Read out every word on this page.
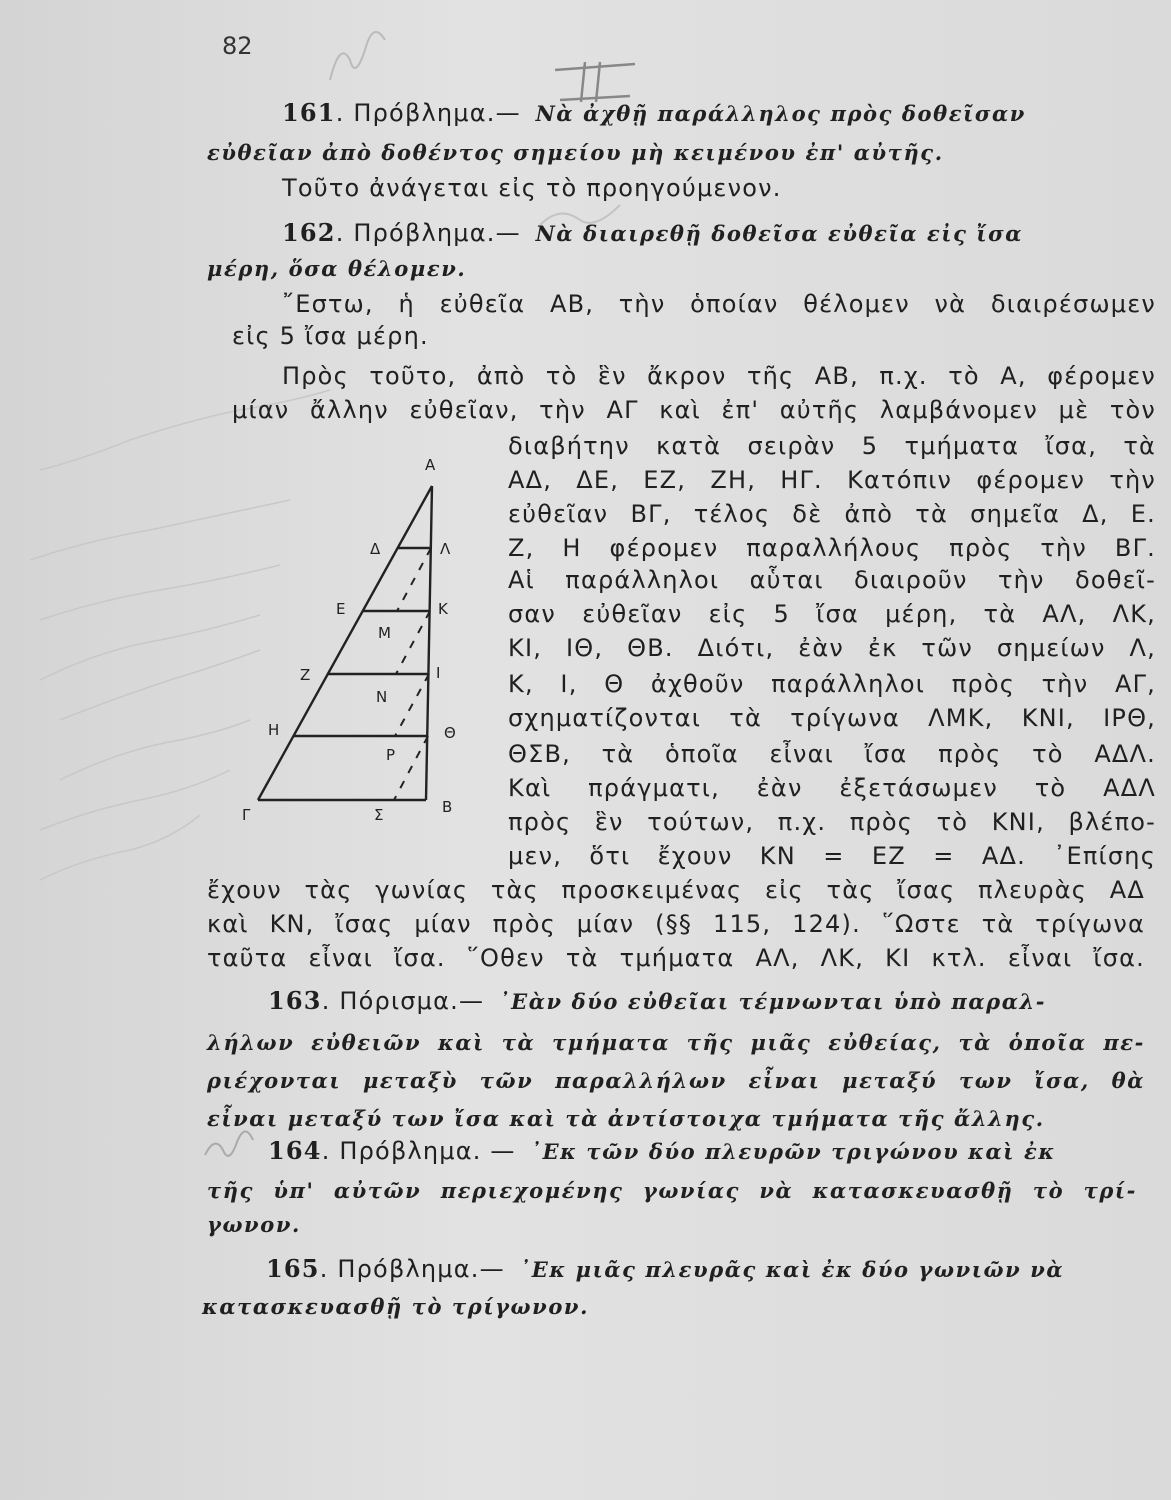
82
161. Πρόβλημα.— Νὰ ἀχθῇ παράλληλος πρὸς δοθεῖσαν
εὐθεῖαν ἀπὸ δοθέντος σημείου μὴ κειμένου ἐπ' αὐτῆς.
Τοῦτο ἀνάγεται εἰς τὸ προηγούμενον.
162. Πρόβλημα.— Νὰ διαιρεθῇ δοθεῖσα εὐθεῖα εἰς ἴσα
μέρη, ὅσα θέλομεν.
῎Εστω, ἡ εὐθεῖα ΑΒ, τὴν ὁποίαν θέλομεν νὰ διαιρέσωμεν
εἰς 5 ἴσα μέρη.
Πρὸς τοῦτο, ἀπὸ τὸ ἓν ἄκρον τῆς ΑΒ, π.χ. τὸ Α, φέρομεν
μίαν ἄλλην εὐθεῖαν, τὴν ΑΓ καὶ ἐπ' αὐτῆς λαμβάνομεν μὲ τὸν
διαβήτην κατὰ σειρὰν 5 τμήματα ἴσα, τὰ
ΑΔ, ΔΕ, ΕΖ, ΖΗ, ΗΓ. Κατόπιν φέρομεν τὴν
εὐθεῖαν ΒΓ, τέλος δὲ ἀπὸ τὰ σημεῖα Δ, Ε.
Ζ, Η φέρομεν παραλλήλους πρὸς τὴν ΒΓ.
Αἱ παράλληλοι αὗται διαιροῦν τὴν δοθεῖ-
σαν εὐθεῖαν εἰς 5 ἴσα μέρη, τὰ ΑΛ, ΛΚ,
ΚΙ, ΙΘ, ΘΒ. Διότι, ἐὰν ἐκ τῶν σημείων Λ,
Κ, Ι, Θ ἀχθοῦν παράλληλοι πρὸς τὴν ΑΓ,
σχηματίζονται τὰ τρίγωνα ΛΜΚ, ΚΝΙ, ΙΡΘ,
ΘΣΒ, τὰ ὁποῖα εἶναι ἴσα πρὸς τὸ ΑΔΛ.
Καὶ πράγματι, ἐὰν ἐξετάσωμεν τὸ ΑΔΛ
πρὸς ἓν τούτων, π.χ. πρὸς τὸ ΚΝΙ, βλέπο-
μεν, ὅτι ἔχουν ΚΝ = ΕΖ = ΑΔ. ᾿Επίσης
ἔχουν τὰς γωνίας τὰς προσκειμένας εἰς τὰς ἴσας πλευρὰς ΑΔ
καὶ ΚΝ, ἴσας μίαν πρὸς μίαν (§§ 115, 124). ῞Ωστε τὰ τρίγωνα
ταῦτα εἶναι ἴσα. ῞Οθεν τὰ τμήματα ΑΛ, ΛΚ, ΚΙ κτλ. εἶναι ἴσα.
Α
Δ	Λ
Ε	Κ
Μ
Ζ	Ι
Ν
Η	Θ
Ρ
Γ	Σ	Β
163. Πόρισμα.— ᾿Εὰν δύο εὐθεῖαι τέμνωνται ὑπὸ παραλ-
λήλων εὐθειῶν καὶ τὰ τμήματα τῆς μιᾶς εὐθείας, τὰ ὁποῖα πε-
ριέχονται μεταξὺ τῶν παραλλήλων εἶναι μεταξύ των ἴσα, θὰ
εἶναι μεταξύ των ἴσα καὶ τὰ ἀντίστοιχα τμήματα τῆς ἄλλης.
164. Πρόβλημα. — ᾿Εκ τῶν δύο πλευρῶν τριγώνου καὶ ἐκ
τῆς ὑπ' αὐτῶν περιεχομένης γωνίας νὰ κατασκευασθῇ τὸ τρί-
γωνον.
165. Πρόβλημα.— ᾿Εκ μιᾶς πλευρᾶς καὶ ἐκ δύο γωνιῶν νὰ
κατασκευασθῇ τὸ τρίγωνον.
